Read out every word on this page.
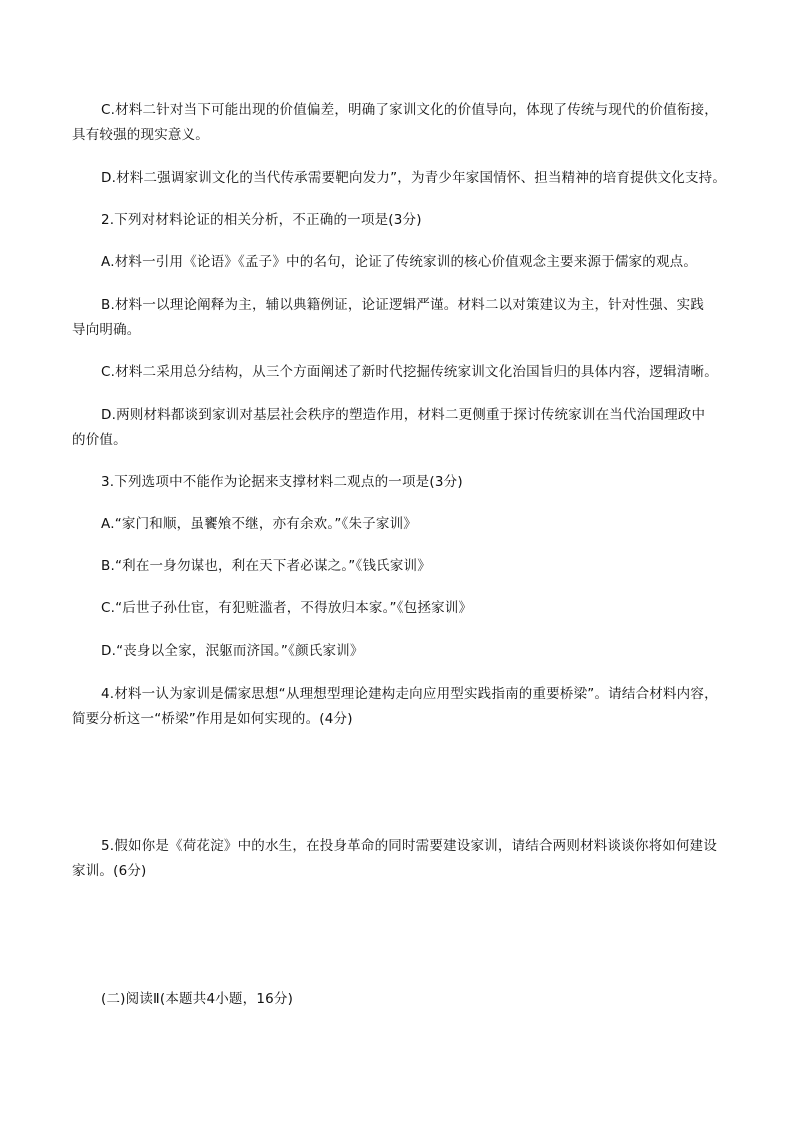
C.材料二针对当下可能出现的价值偏差，明确了家训文化的价值导向，体现了传统与现代的价值衔接，
具有较强的现实意义。
D.材料二强调家训文化的当代传承需要靶向发力”，为青少年家国情怀、担当精神的培育提供文化支持。
2.下列对材料论证的相关分析，不正确的一项是(3分)
A.材料一引用《论语》《孟子》中的名句，论证了传统家训的核心价值观念主要来源于儒家的观点。
B.材料一以理论阐释为主，辅以典籍例证，论证逻辑严谨。材料二以对策建议为主，针对性强、实践
导向明确。
C.材料二采用总分结构，从三个方面阐述了新时代挖掘传统家训文化治国旨归的具体内容，逻辑清晰。
D.两则材料都谈到家训对基层社会秩序的塑造作用，材料二更侧重于探讨传统家训在当代治国理政中
的价值。
3.下列选项中不能作为论据来支撑材料二观点的一项是(3分)
A.“家门和顺，虽饔飧不继，亦有余欢。”《朱子家训》
B.“利在一身勿谋也，利在天下者必谋之。”《钱氏家训》
C.“后世子孙仕宦，有犯赃滥者，不得放归本家。”《包拯家训》
D.“丧身以全家，泯躯而济国。”《颜氏家训》
4.材料一认为家训是儒家思想“从理想型理论建构走向应用型实践指南的重要桥梁”。请结合材料内容，
简要分析这一“桥梁”作用是如何实现的。(4分)
5.假如你是《荷花淀》中的水生，在投身革命的同时需要建设家训，请结合两则材料谈谈你将如何建设
家训。(6分)
(二)阅读Ⅱ(本题共4小题，16分)
